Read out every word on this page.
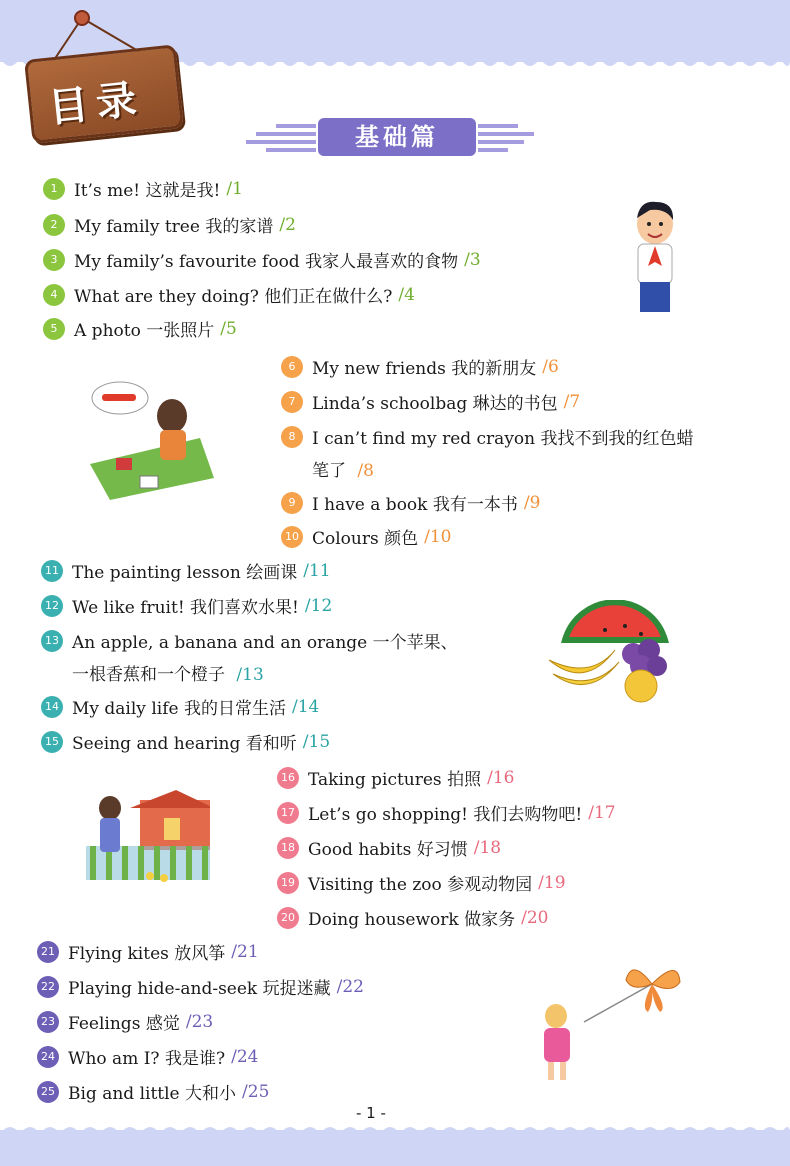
目录
基础篇
1 It’s me! 这就是我! /1
2 My family tree 我的家谱 /2
3 My family’s favourite food 我家人最喜欢的食物 /3
4 What are they doing? 他们正在做什么? /4
5 A photo 一张照片 /5
6 My new friends 我的新朋友 /6
7 Linda’s schoolbag 琳达的书包 /7
8 I can’t find my red crayon 我找不到我的红色蜡
笔了 /8
9 I have a book 我有一本书 /9
10 Colours 颜色 /10
11 The painting lesson 绘画课 /11
12 We like fruit! 我们喜欢水果! /12
13 An apple, a banana and an orange 一个苹果、
一根香蕉和一个橙子 /13
14 My daily life 我的日常生活 /14
15 Seeing and hearing 看和听 /15
16 Taking pictures 拍照 /16
17 Let’s go shopping! 我们去购物吧! /17
18 Good habits 好习惯 /18
19 Visiting the zoo 参观动物园 /19
20 Doing housework 做家务 /20
21 Flying kites 放风筝 /21
22 Playing hide-and-seek 玩捉迷藏 /22
23 Feelings 感觉 /23
24 Who am I? 我是谁? /24
25 Big and little 大和小 /25
- 1 -
